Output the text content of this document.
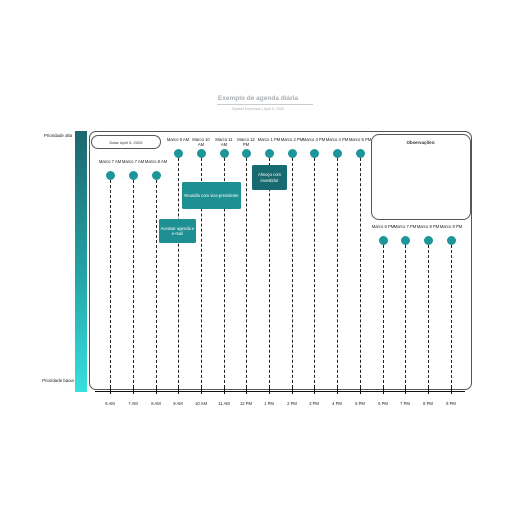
Exemplo de agenda diária
Ryzwet Empresas | April 5, 2025
Prioridade alta
Prioridade baixa
Data: April 5, 2025	Observações:
Marco 7 AM Marco 7 AM Marco 8 AM
Marco 9 AM Marco 10 AM
Marco 11 AM
Marco 12 PM
Marco 1 PM Marco 2 PM Marco 3 PM Marco 4 PM Marco 5 PM
Marco 6 PM Marco 7 PM Marco 8 PM Marco 9 PM
Acessar agenda e e-mail
Reunião com vice-presidente
Almoço com investidor
6 AM	7 AM	8 AM	9 AM	10 AM	11 AM	12 PM	1 PM	2 PM	3 PM	4 PM	5 PM	6 PM	7 PM	8 PM	9 PM
